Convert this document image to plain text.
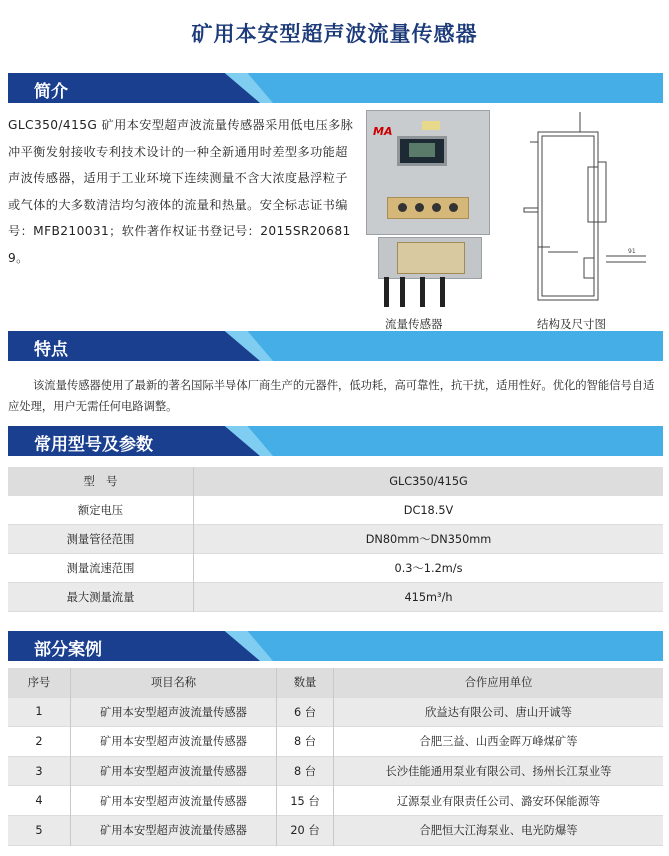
矿用本安型超声波流量传感器
简介
GLC350/415G 矿用本安型超声波流量传感器采用低电压多脉冲平衡发射接收专利技术设计的一种全新通用时差型多功能超声波传感器，适用于工业环境下连续测量不含大浓度悬浮粒子或气体的大多数清洁均匀液体的流量和热量。安全标志证书编号：MFB210031；软件著作权证书登记号：2015SR206819。
MA
91
流量传感器	结构及尺寸图
特点
该流量传感器使用了最新的著名国际半导体厂商生产的元器件，低功耗，高可靠性，抗干扰，适用性好。优化的智能信号自适应处理，用户无需任何电路调整。
常用型号及参数
型　号	GLC350/415G
额定电压	DC18.5V
测量管径范围	DN80mm～DN350mm
测量流速范围	0.3～1.2m/s
最大测量流量	415m³/h
部分案例
序号	项目名称	数量	合作应用单位
1	矿用本安型超声波流量传感器	6 台	欣益达有限公司、唐山开诚等
2	矿用本安型超声波流量传感器	8 台	合肥三益、山西金晖万峰煤矿等
3	矿用本安型超声波流量传感器	8 台	长沙佳能通用泵业有限公司、扬州长江泵业等
4	矿用本安型超声波流量传感器	15 台	辽源泵业有限责任公司、潞安环保能源等
5	矿用本安型超声波流量传感器	20 台	合肥恒大江海泵业、电光防爆等
